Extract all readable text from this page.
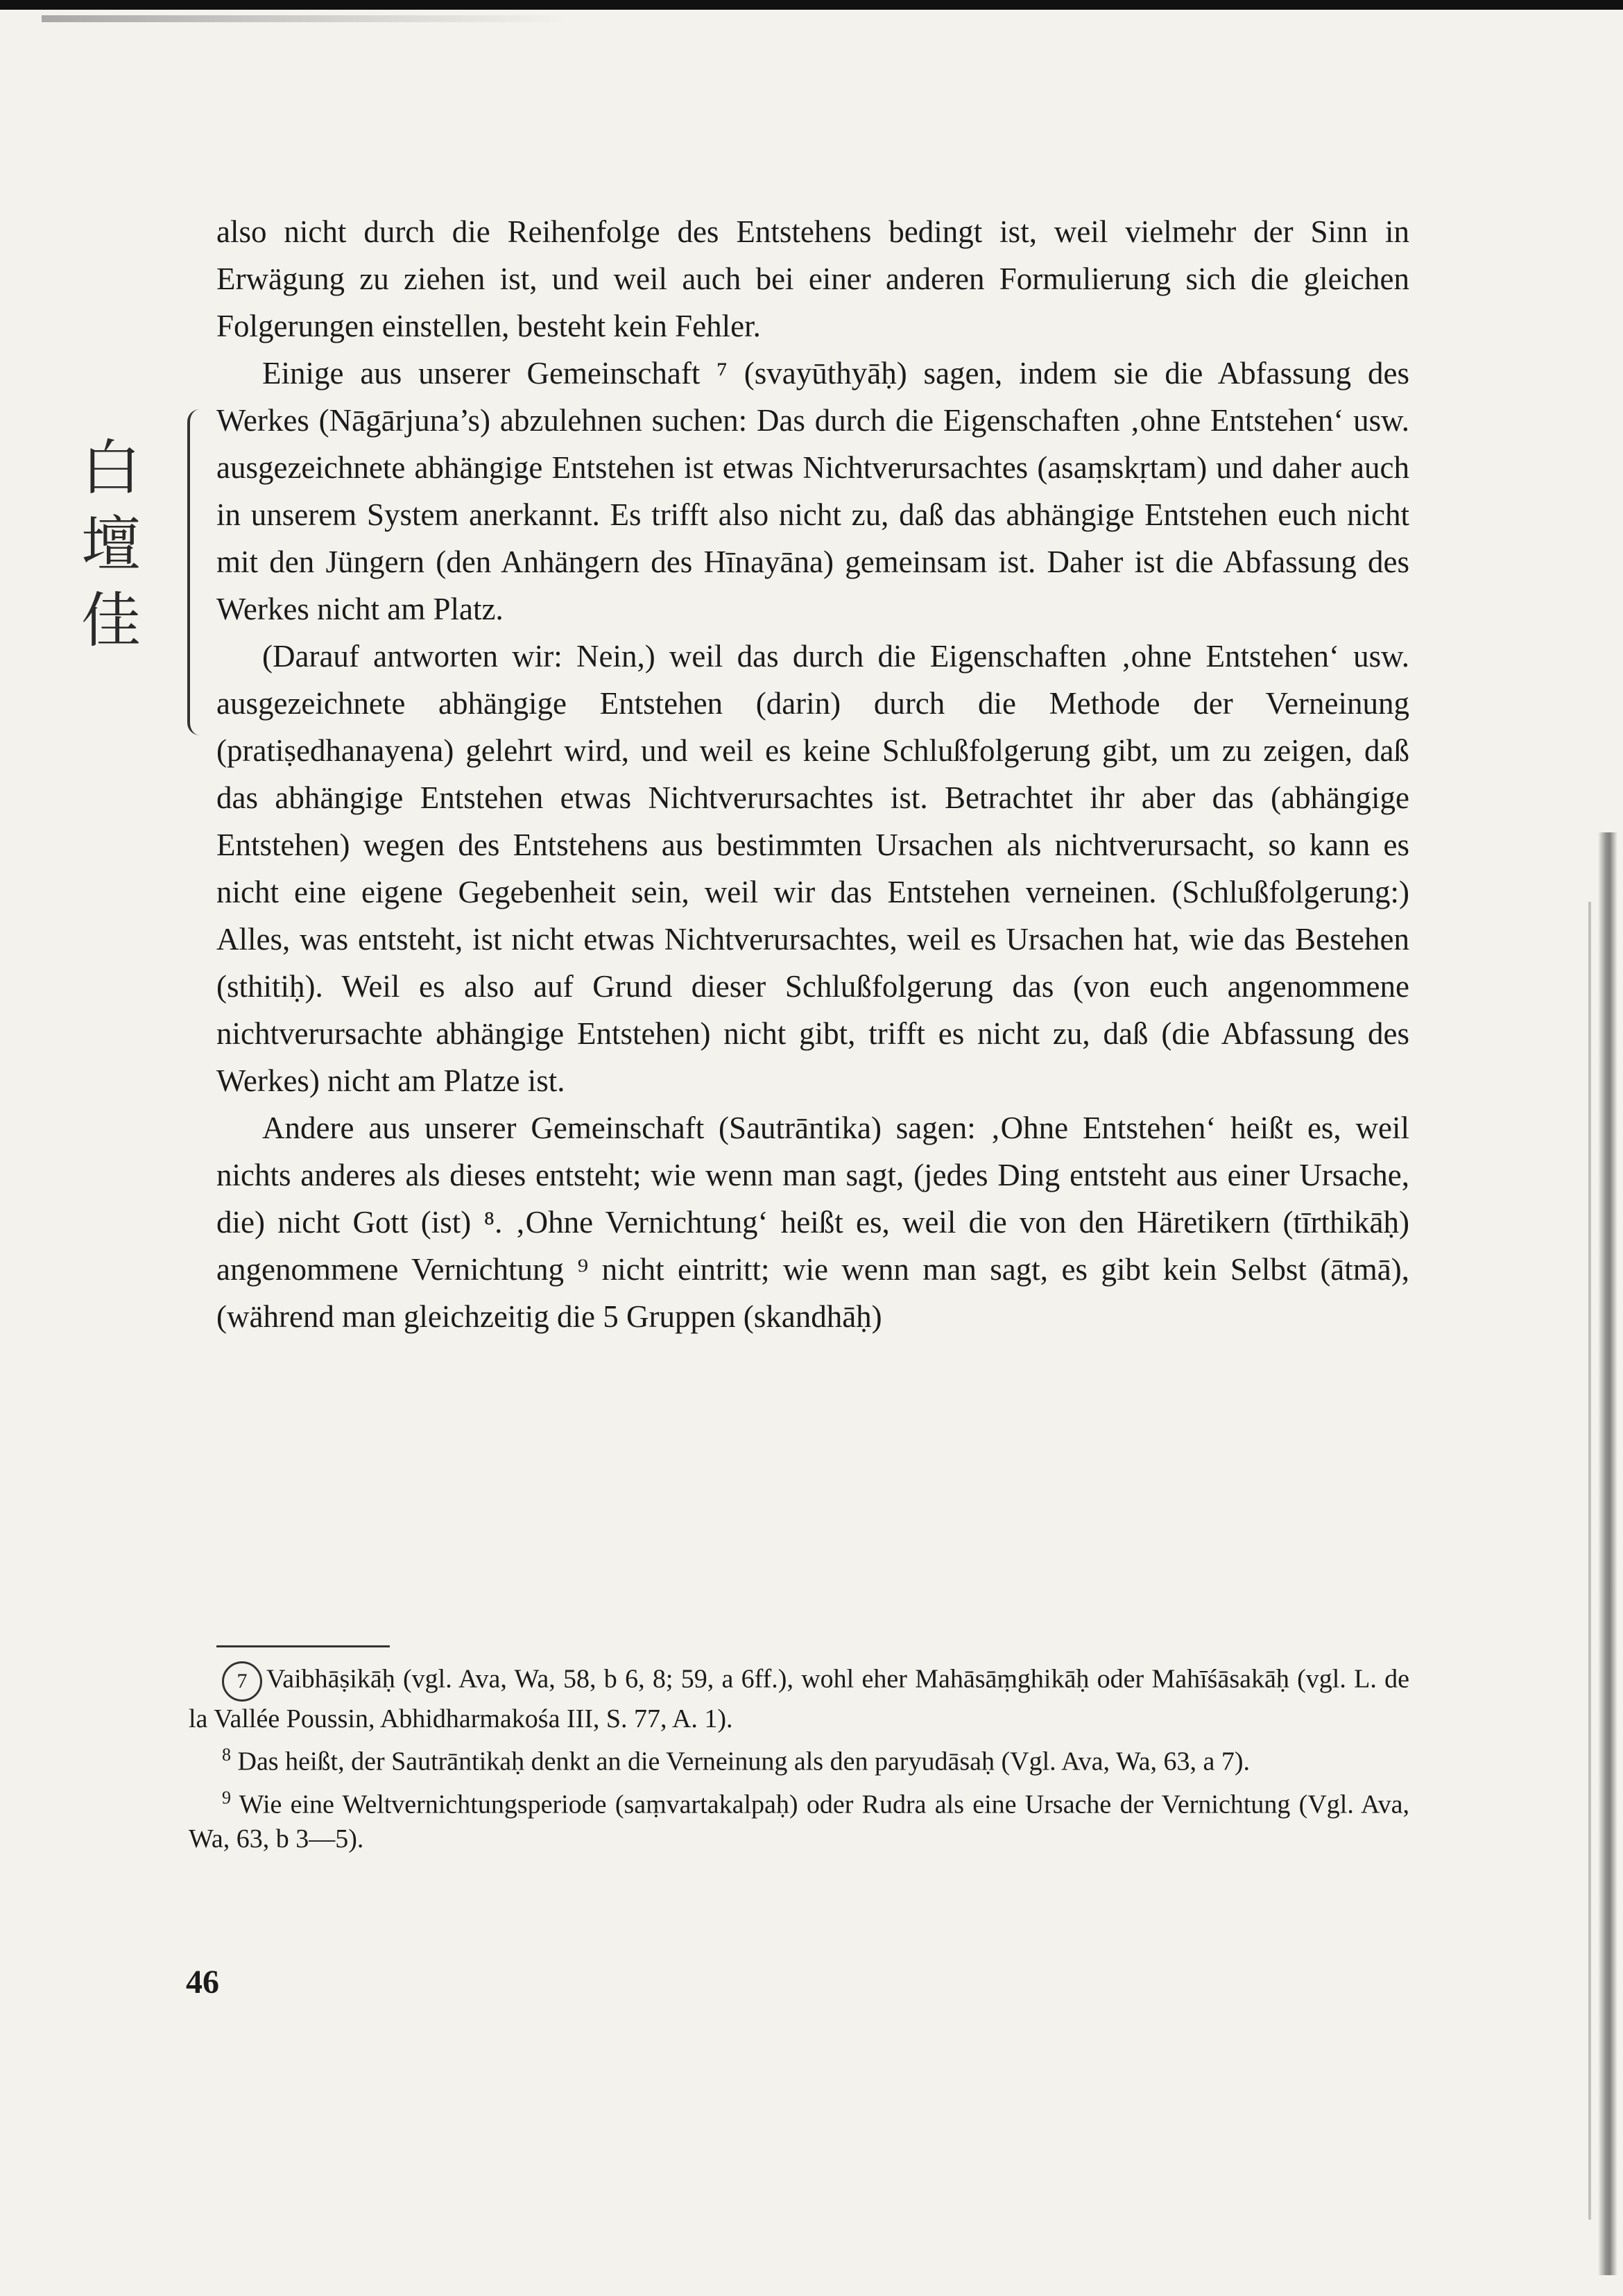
白壇 佳

also nicht durch die Reihenfolge des Entstehens bedingt ist, weil vielmehr der Sinn in Erwägung zu ziehen ist, und weil auch bei einer anderen Formulierung sich die gleichen Folgerungen einstellen, besteht kein Fehler.

Einige aus unserer Gemeinschaft ⁷ (svayūthyāḥ) sagen, indem sie die Abfassung des Werkes (Nāgārjuna’s) abzulehnen suchen: Das durch die Eigenschaften ‚ohne Entstehen‘ usw. ausgezeichnete abhängige Entstehen ist etwas Nichtverursachtes (asaṃskṛtam) und daher auch in unserem System anerkannt. Es trifft also nicht zu, daß das abhängige Entstehen euch nicht mit den Jüngern (den Anhängern des Hīnayāna) gemeinsam ist. Daher ist die Abfassung des Werkes nicht am Platz.

(Darauf antworten wir: Nein,) weil das durch die Eigenschaften ‚ohne Entstehen‘ usw. ausgezeichnete abhängige Entstehen (darin) durch die Methode der Verneinung (pratiṣedhanayena) gelehrt wird, und weil es keine Schlußfolgerung gibt, um zu zeigen, daß das abhängige Entstehen etwas Nichtverursachtes ist. Betrachtet ihr aber das (abhängige Entstehen) wegen des Entstehens aus bestimmten Ursachen als nichtverursacht, so kann es nicht eine eigene Gegebenheit sein, weil wir das Entstehen verneinen. (Schlußfolgerung:) Alles, was entsteht, ist nicht etwas Nichtverursachtes, weil es Ursachen hat, wie das Bestehen (sthitiḥ). Weil es also auf Grund dieser Schlußfolgerung das (von euch angenommene nichtverursachte abhängige Entstehen) nicht gibt, trifft es nicht zu, daß (die Abfassung des Werkes) nicht am Platze ist.

Andere aus unserer Gemeinschaft (Sautrāntika) sagen: ‚Ohne Entstehen‘ heißt es, weil nichts anderes als dieses entsteht; wie wenn man sagt, (jedes Ding entsteht aus einer Ursache, die) nicht Gott (ist) ⁸. ‚Ohne Vernichtung‘ heißt es, weil die von den Häretikern (tīrthikāḥ) angenommene Vernichtung ⁹ nicht eintritt; wie wenn man sagt, es gibt kein Selbst (ātmā), (während man gleichzeitig die 5 Gruppen (skandhāḥ)

7 Vaibhāṣikāḥ (vgl. Ava, Wa, 58, b 6, 8; 59, a 6ff.), wohl eher Mahāsāṃghikāḥ oder Mahīśāsakāḥ (vgl. L. de la Vallée Poussin, Abhidharmakośa III, S. 77, A. 1).

$^8$ Das heißt, der Sautrāntikaḥ denkt an die Verneinung als den paryudāsaḥ (Vgl. Ava, Wa, 63, a 7).

$^9$ Wie eine Weltvernichtungsperiode (saṃvartakalpaḥ) oder Rudra als eine Ursache der Vernichtung (Vgl. Ava, Wa, 63, b 3—5).

46
